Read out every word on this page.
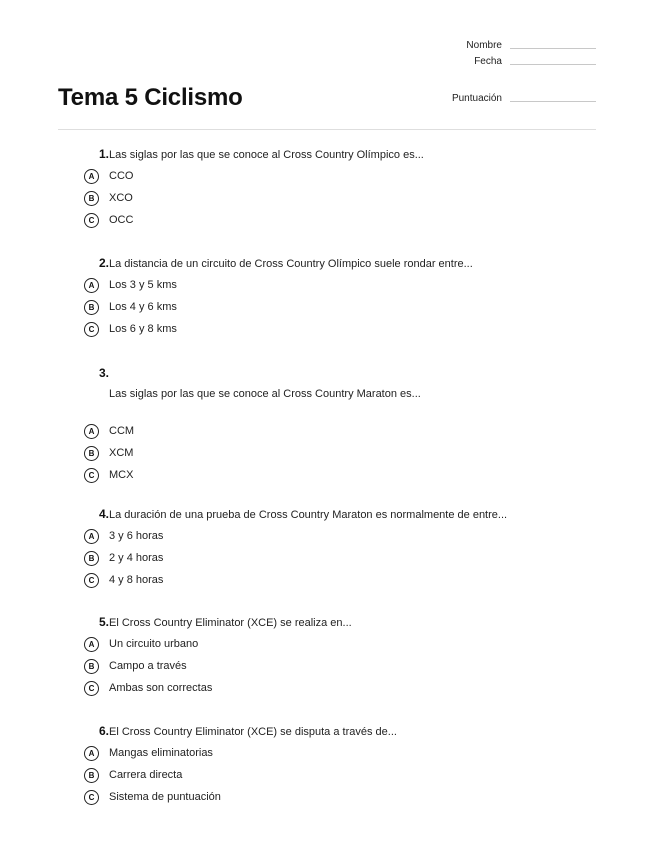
Nombre
Fecha
Puntuación
Tema 5 Ciclismo
1. Las siglas por las que se conoce al Cross Country Olímpico es...
A	CCO
B	XCO
C	OCC
2. La distancia de un circuito de Cross Country Olímpico suele rondar entre...
A	Los 3 y 5 kms
B	Los 4 y 6 kms
C	Los 6 y 8 kms
3.
Las siglas por las que se conoce al Cross Country Maraton es...
A	CCM
B	XCM
C	MCX
4. La duración de una prueba de Cross Country Maraton es normalmente de entre...
A	3 y 6 horas
B	2 y 4 horas
C	4 y 8 horas
5. El Cross Country Eliminator (XCE) se realiza en...
A	Un circuito urbano
B	Campo a través
C	Ambas son correctas
6. El Cross Country Eliminator (XCE) se disputa a través de...
A	Mangas eliminatorias
B	Carrera directa
C	Sistema de puntuación
